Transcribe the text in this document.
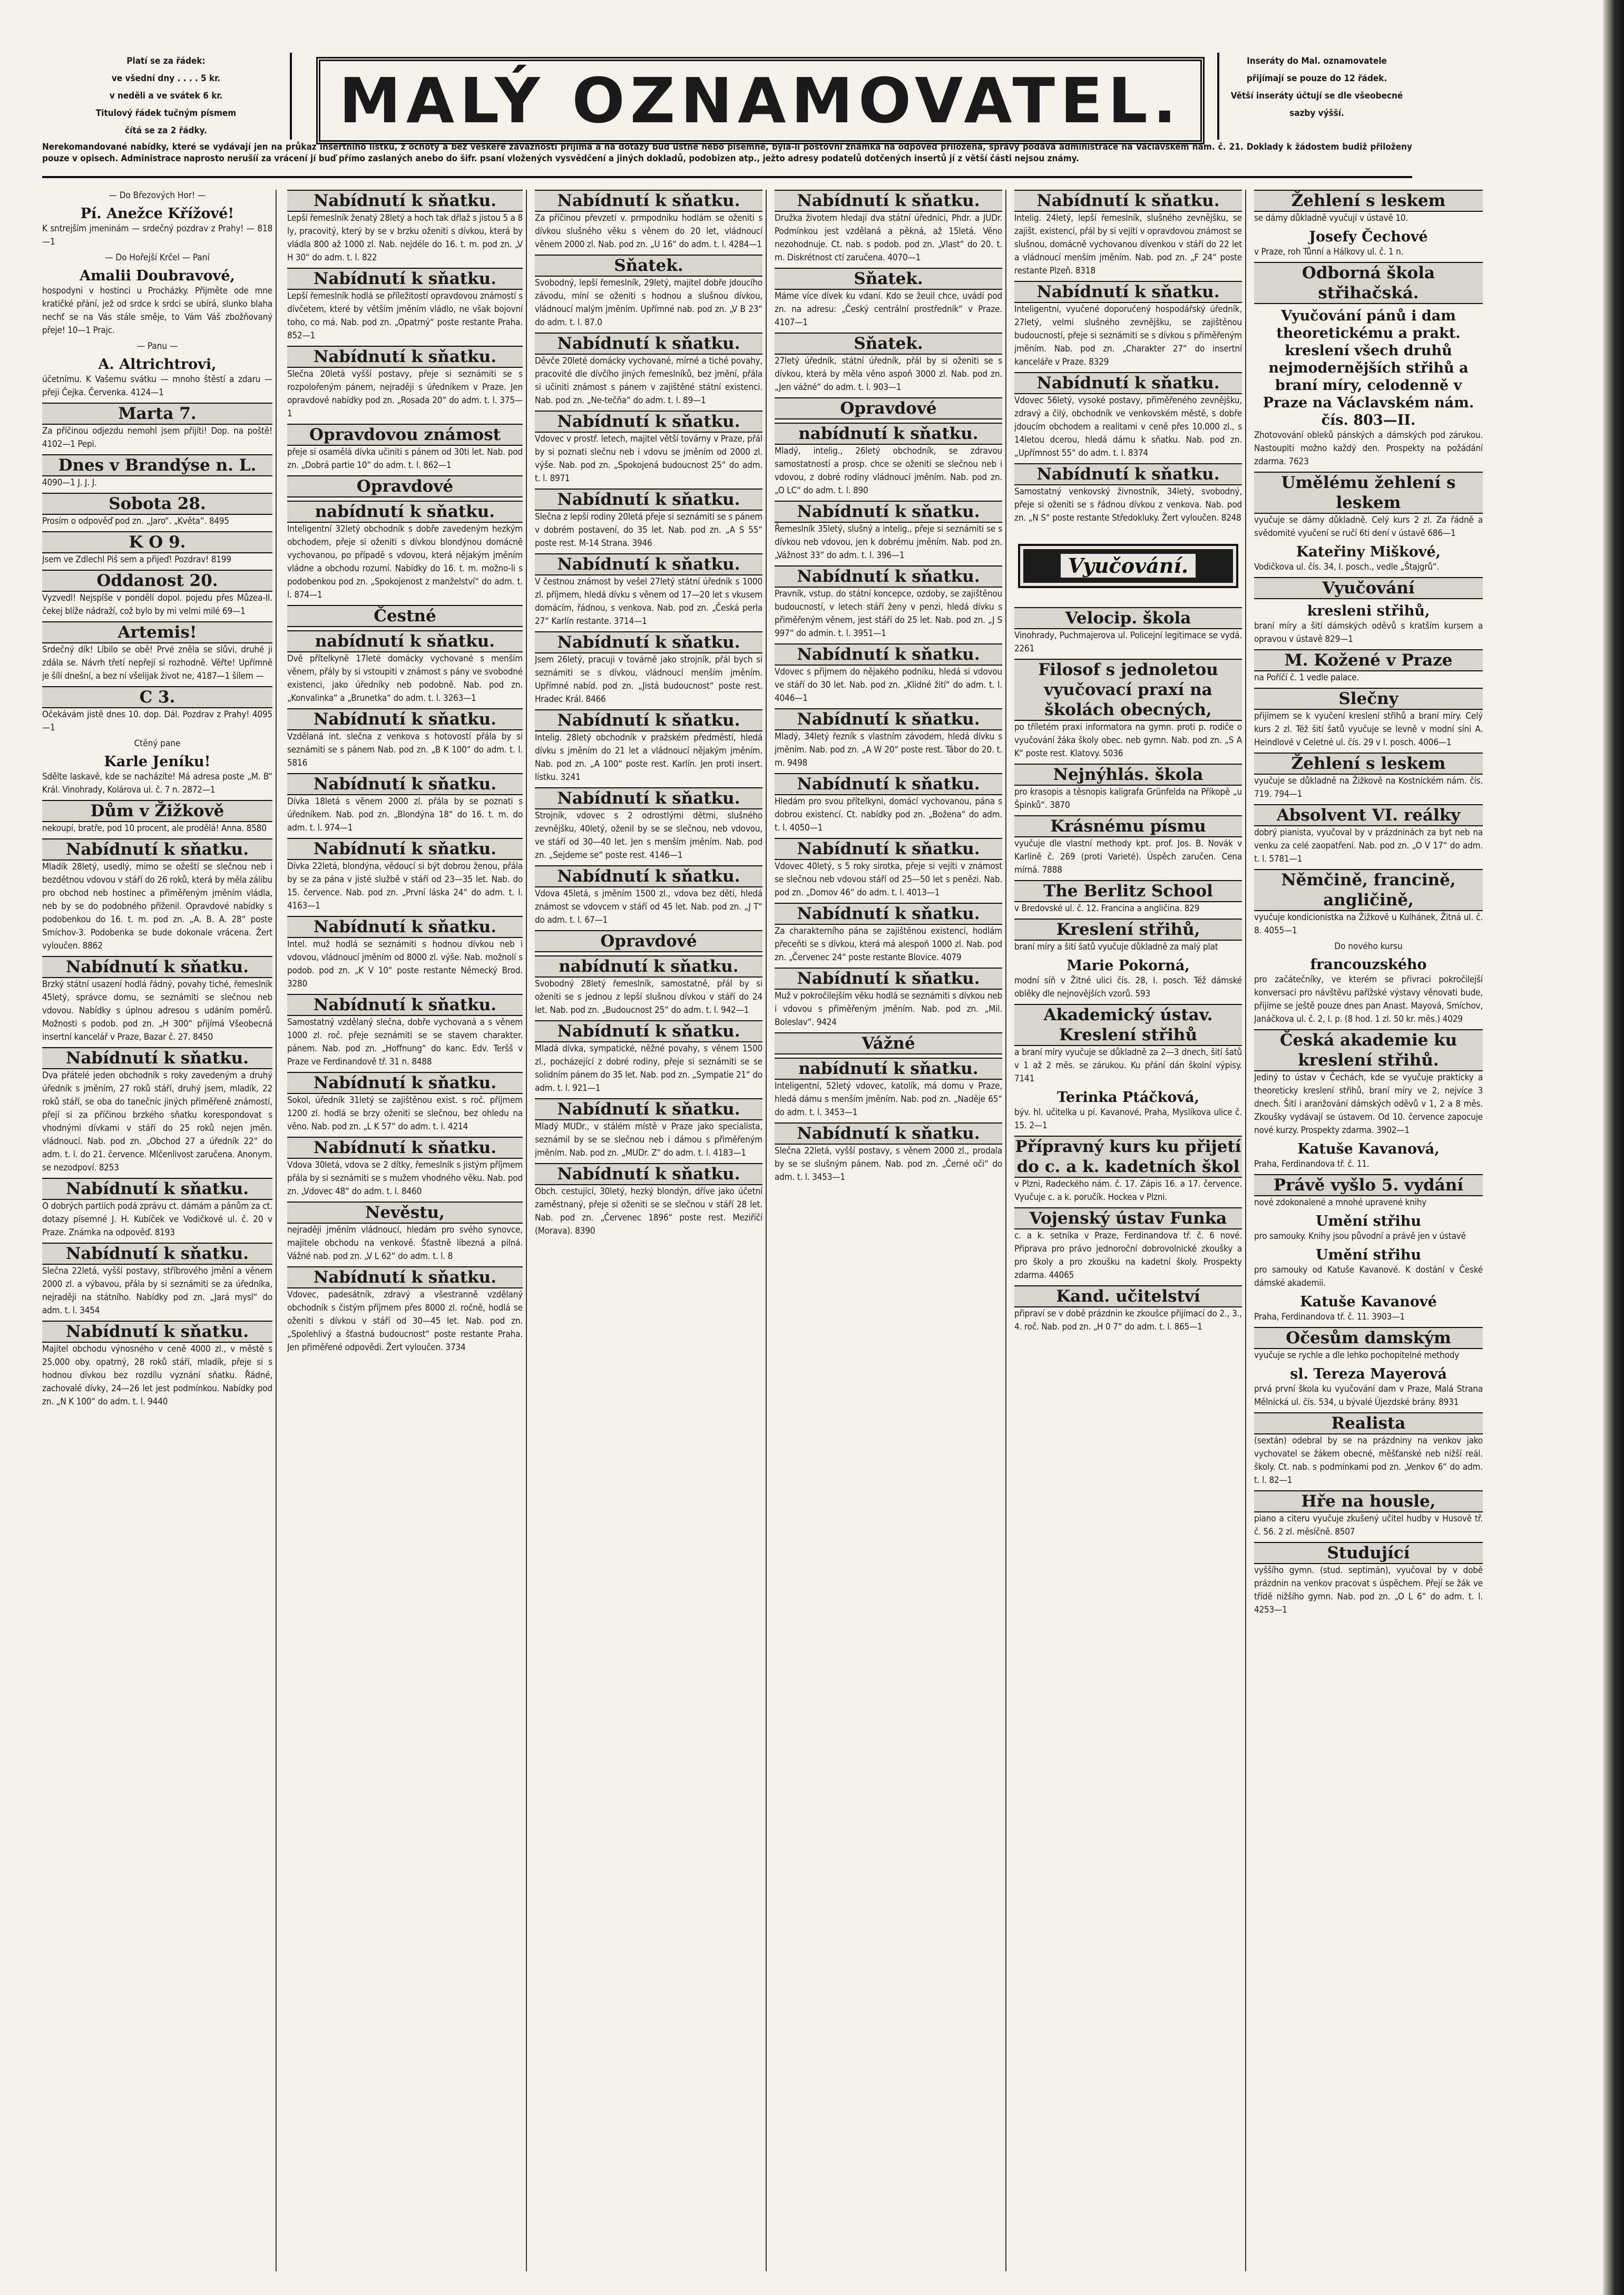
Platí se za řádek:
ve všední dny . . . . 5 kr.
v neděli a ve svátek 6 kr.
Titulový řádek tučným písmem
čítá se za 2 řádky.	MALÝ OZNAMOVATEL.
Inseráty do Mal. oznamovatele
přijímají se pouze do 12 řádek.
Větší inseráty účtují se dle všeobecné sazby výšší.
Nerekomandované nabídky, které se vydávají jen na průkaz insertního lístku, z ochoty a bez veškeré závaznosti přijímá a na dotazy buď ústně nebo písemné, byla-li poštovní známka na odpověď přiložena, správy podává administrace na Václavském nám. č. 21. Doklady k žádostem budiž přiloženy pouze v opisech. Administrace naprosto nerušíí za vrácení jí buď přímo zaslaných anebo do šifr. psaní vložených vysvědčení a jiných dokladů, podobizen atp., ježto adresy podatelů dotčených insertů jí z větší části nejsou známy.
— Do Březových Hor! —
Pí. Anežce Křížové!
K sntrejším jmeninám — srdečný pozdrav z Prahy! — 818—1
— Do Hořejší Krčel — Paní
Amalii Doubravové,
hospodyni v hostinci u Procházky. Přijměte ode mne kratičké přání, jež od srdce k srdci se ubírá, slunko blaha nechť se na Vás stále směje, to Vám Váš zbožňovaný přeje! 10—1 Prajc.
— Panu —
A. Altrichtrovi,
účetnímu. K Vašemu svátku — mnoho štěstí a zdaru — přeji Čejka. Červenka. 4124—1
Marta 7.
Za příčinou odjezdu nemohl jsem přijíti! Dop. na poště! 4102—1 Pepi.
Dnes v Brandýse n. L.
4090—1 J. J. J.
Sobota 28.
Prosím o odpověď pod zn. „Jaro“. „Květa“. 8495
K O 9.
Jsem ve Zdlechl Piš sem a přijeď! Pozdrav! 8199
Oddanost 20.
Vyzvedl! Nejspíše v pondělí dopol. pojedu přes Můzea-II. čekej blíže nádraží, což bylo by mi velmi milé 69—1
Artemis!
Srdečný dík! Líbilo se obě! Prvé zněla se slůvi, druhé ji zdála se. Návrh třetí nepřejí si rozhodně. Věřte! Upřímně je šílí dnešní, a bez ní všelijak život ne, 4187—1 šílem —
C 3.
Očekávám jistě dnes 10. dop. Dál. Pozdrav z Prahy! 4095—1
Ctěný pane
Karle Jeníku!
Sdělte laskavě, kde se nacházíte! Má adresa poste „M. B“ Král. Vinohrady, Kolárova ul. č. 7 n. 2872—1
Dům v Žižkově
nekoupí, bratře, pod 10 procent, ale prodělá! Anna. 8580
Nabídnutí k sňatku.
Mladík 28letý, usedlý, mimo se ožeští se slečnou neb i bezdětnou vdovou v stáří do 26 roků, která by měla zálibu pro obchod neb hostinec a přiměřeným jměním vládla, neb by se do podobného přiženil. Opravdové nabídky s podobenkou do 16. t. m. pod zn. „A. B. A. 28“ poste Smíchov-3. Podobenka se bude dokonale vrácena. Žert vyloučen. 8862
Nabídnutí k sňatku.
Brzký státní usazení hodlá řádný, povahy tiché, řemeslník 45letý, správce domu, se seznámiti se slečnou neb vdovou. Nabídky s úplnou adresou s udáním poměrů. Možnosti s podob. pod zn. „H 300“ přijímá Všeobecná insertní kancelář v Praze, Bazar č. 27. 8450
Nabídnutí k sňatku.
Dva přátelé jeden obchodník s roky zavedeným a druhý úředník s jměním, 27 roků stáří, druhý jsem, mladík, 22 roků stáří, se oba do tanečníc jiných přiměřeně známostí, přejí si za příčinou brzkého sňatku korespondovat s vhodnými dívkami v stáří do 25 roků nejen jměn. vládnoucí. Nab. pod zn. „Obchod 27 a úředník 22“ do adm. t. l. do 21. července. Mlčenlivost zaručena. Anonym. se nezodpoví. 8253
Nabídnutí k sňatku.
O dobrých partiích podá zprávu ct. dámám a pánům za ct. dotazy písemné J. H. Kubíček ve Vodičkové ul. č. 20 v Praze. Známka na odpověď. 8193
Nabídnutí k sňatku.
Slečna 22letá, vyšší postavy, stříbrového jmění a věnem 2000 zl. a výbavou, přála by si seznámiti se za úředníka, nejraději na státního. Nabídky pod zn. „Jará mysl“ do adm. t. l. 3454
Nabídnutí k sňatku.
Majitel obchodu výnosného v ceně 4000 zl., v městě s 25.000 oby. opatrný, 28 roků stáří, mladík, přeje si s hodnou dívkou bez rozdílu vyznání sňatku. Řádné, zachovalé dívky, 24—26 let jest podmínkou. Nabídky pod zn. „N K 100“ do adm. t. l. 9440
Nabídnutí k sňatku.
Lepší řemeslník ženatý 28letý a hoch tak dřlaž s jistou 5 a 8 ly, pracovitý, který by se v brzku oženiti s dívkou, která by vládla 800 až 1000 zl. Nab. nejdéle do 16. t. m. pod zn. „V H 30“ do adm. t. l. 822
Nabídnutí k sňatku.
Lepší řemeslník hodlá se příležitostí opravdovou známostí s dívčetem, které by větším jměním vládlo, ne však bojovní toho, co má. Nab. pod zn. „Opatrný“ poste restante Praha. 852—1
Nabídnutí k sňatku.
Slečna 20letá vyšší postavy, přeje si seznámiti se s rozpolořeným pánem, nejraději s úředníkem v Praze. Jen opravdové nabídky pod zn. „Rosada 20“ do adm. t. l. 375—1
Opravdovou známost
přeje si osamělá dívka učiniti s pánem od 30ti let. Nab. pod zn. „Dobrá partie 10“ do adm. t. l. 862—1
Opravdové
nabídnutí k sňatku.
Inteligentní 32letý obchodník s dobře zavedeným hezkým obchodem, přeje si oženiti s dívkou blondýnou domácně vychovanou, po případě s vdovou, která nějakým jměním vládne a obchodu rozumí. Nabídky do 16. t. m. možno-li s podobenkou pod zn. „Spokojenost z manželství“ do adm. t. l. 874—1
Čestné
nabídnutí k sňatku.
Dvě přítelkyně 17leté domácky vychované s menším věnem, přály by si vstoupiti v známost s pány ve svobodné existenci, jako úředníky neb podobně. Nab. pod zn. „Konvalinka“ a „Brunetka“ do adm. t. l. 3263—1
Nabídnutí k sňatku.
Vzdělaná int. slečna z venkova s hotovostí přála by si seznámiti se s pánem Nab. pod zn. „B K 100“ do adm. t. l. 5816
Nabídnutí k sňatku.
Dívka 18letá s věnem 2000 zl. přála by se poznati s úředníkem. Nab. pod zn. „Blondýna 18“ do 16. t. m. do adm. t. l. 974—1
Nabídnutí k sňatku.
Dívka 22letá, blondýna, vědoucí si být dobrou ženou, přála by se za pána v jisté službě v stáří od 23—35 let. Nab. do 15. července. Nab. pod zn. „První láska 24“ do adm. t. l. 4163—1
Nabídnutí k sňatku.
Intel. muž hodlá se seznámiti s hodnou dívkou neb i vdovou, vládnoucí jměním od 8000 zl. výše. Nab. možnolí s podob. pod zn. „K V 10“ poste restante Německý Brod. 3280
Nabídnutí k sňatku.
Samostatný vzdělaný slečna, dobře vychovaná a s věnem 1000 zl. roč. přeje seznámiti se se stavem charakter. pánem. Nab. pod zn. „Hoffnung“ do kanc. Edv. Teršš v Praze ve Ferdinandově tř. 31 n. 8488
Nabídnutí k sňatku.
Sokol, úředník 31letý se zajištěnou exist. s roč. příjmem 1200 zl. hodlá se brzy oženiti se slečnou, bez ohledu na věno. Nab. pod zn. „L K 57“ do adm. t. l. 4214
Nabídnutí k sňatku.
Vdova 30letá, vdova se 2 dítky, řemeslník s jistým příjmem přála by si seznámiti se s mužem vhodného věku. Nab. pod zn. „Vdovec 48“ do adm. t. l. 8460
Nevěstu,
nejraději jměním vládnoucí, hledám pro svého synovce, majitele obchodu na venkově. Šťastně líbezná a pilná. Vážné nab. pod zn. „V L 62“ do adm. t. l. 8
Nabídnutí k sňatku.
Vdovec, padesátník, zdravý a všestranně vzdělaný obchodník s čistým příjmem přes 8000 zl. ročně, hodlá se oženiti s dívkou v stáří od 30—45 let. Nab. pod zn. „Spolehlivý a šťastná budoucnost“ poste restante Praha. Jen přiměřené odpovědi. Žert vyloučen. 3734
Nabídnutí k sňatku.
Za příčinou převzetí v. prmpodniku hodlám se oženiti s dívkou slušného věku s věnem do 20 let, vládnoucí věnem 2000 zl. Nab. pod zn. „U 16“ do adm. t. l. 4284—1
Sňatek.
Svobodný, lepší řemeslník, 29letý, majitel dobře jdoucího závodu, míní se oženiti s hodnou a slušnou dívkou, vládnoucí malým jměním. Upřímné nab. pod zn. „V B 23“ do adm. t. l. 87.0
Nabídnutí k sňatku.
Děvče 20leté domácky vychované, mírné a tiché povahy, pracovité dle dívčího jiných řemeslníků, bez jmění, přála si učiniti známost s pánem v zajištěné státní existenci. Nab. pod zn. „Ne-tečňa“ do adm. t. l. 89—1
Nabídnutí k sňatku.
Vdovec v prostř. letech, majitel větší továrny v Praze, přál by si poznati slečnu neb i vdovu se jměním od 2000 zl. výše. Nab. pod zn. „Spokojená budoucnost 25“ do adm. t. l. 8971
Nabídnutí k sňatku.
Slečna z lepší rodiny 20letá přeje si seznámiti se s pánem v dobrém postavení, do 35 let. Nab. pod zn. „A S 55“ poste rest. M-14 Strana. 3946
Nabídnutí k sňatku.
V čestnou známost by vešel 27letý státní úředník s 1000 zl. příjmem, hledá dívku s věnem od 17—20 let s vkusem domácím, řádnou, s venkova. Nab. pod zn. „Česká perla 27“ Karlín restante. 3714—1
Nabídnutí k sňatku.
Jsem 26letý, pracuji v továrně jako strojník, přál bych si seznámiti se s dívkou, vládnoucí menším jměním. Upřímné nabíd. pod zn. „Jistá budoucnost“ poste rest. Hradec Král. 8466
Nabídnutí k sňatku.
Intelig. 28letý obchodník v pražském předměstí, hledá dívku s jměním do 21 let a vládnoucí nějakým jměním. Nab. pod zn. „A 100“ poste rest. Karlín. Jen proti insert. lístku. 3241
Nabídnutí k sňatku.
Strojník, vdovec s 2 odrostlými dětmi, slušného zevnějšku, 40letý, oženil by se se slečnou, neb vdovou, ve stáří od 30—40 let. Jen s menším jměním. Nab. pod zn. „Sejdeme se“ poste rest. 4146—1
Nabídnutí k sňatku.
Vdova 45letá, s jměním 1500 zl., vdova bez dětí, hledá známost se vdovcem v stáří od 45 let. Nab. pod zn. „J T“ do adm. t. l. 67—1
Opravdové
nabídnutí k sňatku.
Svobodný 28letý řemeslník, samostatně, přál by si oženiti se s jednou z lepší slušnou dívkou v stáří do 24 let. Nab. pod zn. „Budoucnost 25“ do adm. t. l. 942—1
Nabídnutí k sňatku.
Mladá dívka, sympatické, něžné povahy, s věnem 1500 zl., pocházející z dobré rodiny, přeje si seznámiti se se solidním pánem do 35 let. Nab. pod zn. „Sympatie 21“ do adm. t. l. 921—1
Nabídnutí k sňatku.
Mladý MUDr., v stálém místě v Praze jako specialista, seznámil by se se slečnou neb i dámou s přiměřeným jměním. Nab. pod zn. „MUDr. Z“ do adm. t. l. 4183—1
Nabídnutí k sňatku.
Obch. cestující, 30letý, hezký blondýn, dříve jako účetní zaměstnaný, přeje si oženiti se se slečnou v stáří 28 let. Nab. pod zn. „Červenec 1896“ poste rest. Meziříčí (Morava). 8390
Nabídnutí k sňatku.
Družka životem hledají dva státní úředníci, Phdr. a JUDr. Podmínkou jest vzdělaná a pěkná, až 15letá. Věno nezohodnuje. Ct. nab. s podob. pod zn. „Vlast“ do 20. t. m. Diskrétnost ctí zaručena. 4070—1
Sňatek.
Máme více dívek ku vdaní. Kdo se žeuil chce, uvádí pod zn. na adresu: „Český centrální prostředník“ v Praze. 4107—1
Sňatek.
27letý úředník, státní úředník, přál by si oženiti se s dívkou, která by měla věno aspoň 3000 zl. Nab. pod zn. „Jen vážné“ do adm. t. l. 903—1
Opravdové
nabídnutí k sňatku.
Mladý, intelig., 26letý obchodník, se zdravou samostatností a prosp. chce se oženiti se slečnou neb i vdovou, z dobré rodiny vládnoucí jměním. Nab. pod zn. „O LC“ do adm. t. l. 890
Nabídnutí k sňatku.
Řemeslník 35letý, slušný a intelig., přeje si seznámiti se s dívkou neb vdovou, jen k dobrému jměním. Nab. pod zn. „Vážnost 33“ do adm. t. l. 396—1
Nabídnutí k sňatku.
Pravník, vstup. do státní koncepce, ozdoby, se zajištěnou budoucností, v letech stáří ženy v penzi, hledá dívku s přiměřeným věnem, jest stáří do 25 let. Nab. pod zn. „J S 997“ do admin. t. l. 3951—1
Nabídnutí k sňatku.
Vdovec s přijmem do nějakého podniku, hledá si vdovou ve stáří do 30 let. Nab. pod zn. „Klidné žití“ do adm. t. l. 4046—1
Nabídnutí k sňatku.
Mladý, 34letý řezník s vlastním závodem, hledá dívku s jměním. Nab. pod zn. „A W 20“ poste rest. Tábor do 20. t. m. 9498
Nabídnutí k sňatku.
Hledám pro svou přítelkyni, domácí vychovanou, pána s dobrou existencí. Ct. nabídky pod zn. „Božena“ do adm. t. l. 4050—1
Nabídnutí k sňatku.
Vdovec 40letý, s 5 roky sirotka, přeje si vejíti v známost se slečnou neb vdovou stáří od 25—50 let s penězi. Nab. pod zn. „Domov 46“ do adm. t. l. 4013—1
Nabídnutí k sňatku.
Za charakterního pána se zajištěnou existencí, hodlám přeceňti se s dívkou, která má alespoň 1000 zl. Nab. pod zn. „Červenec 24“ poste restante Blovice. 4079
Nabídnutí k sňatku.
Muž v pokročilejším věku hodlá se seznámiti s dívkou neb i vdovou s přiměřeným jměním. Nab. pod zn. „Mil. Boleslav“. 9424
Vážné
nabídnutí k sňatku.
Inteligentní, 52letý vdovec, katolík, má domu v Praze, hledá dámu s menším jměním. Nab. pod zn. „Naděje 65“ do adm. t. l. 3453—1
Nabídnutí k sňatku.
Slečna 22letá, vyšší postavy, s věnem 2000 zl., prodala by se se slušným pánem. Nab. pod zn. „Černé oči“ do adm. t. l. 3453—1
Nabídnutí k sňatku.
Intelig. 24letý, lepší řemeslník, slušného zevnějšku, se zajišt. existencí, přál by si vejíti v opravdovou známost se slušnou, domácně vychovanou dívenkou v stáří do 22 let a vládnoucí menším jměním. Nab. pod zn. „F 24“ poste restante Plzeň. 8318
Nabídnutí k sňatku.
Inteligentní, vyučené doporučený hospodářský úředník, 27letý, velmi slušného zevnějšku, se zajištěnou budoucností, přeje si seznámiti se s dívkou s přiměřeným jměním. Nab. pod zn. „Charakter 27“ do insertní kanceláře v Praze. 8329
Nabídnutí k sňatku.
Vdovec 56letý, vysoké postavy, přiměřeného zevnějšku, zdravý a čilý, obchodník ve venkovském městě, s dobře jdoucím obchodem a realitami v ceně přes 10.000 zl., s 14letou dcerou, hledá dámu k sňatku. Nab. pod zn. „Upřímnost 55“ do adm. t. l. 8374
Nabídnutí k sňatku.
Samostatný venkovský živnostník, 34letý, svobodný, přeje si oženiti se s řádnou dívkou z venkova. Nab. pod zn. „N S“ poste restante Středokluky. Žert vyloučen. 8248
Vyučování.
Velocip. škola
Vinohrady, Puchmajerova ul. Policejní legitimace se vydá. 2261
Filosof s jednoletou vyučovací praxí na školách obecných,
po tříletém praxi informatora na gymn. proti p. rodiče o vyučování žáka školy obec. neb gymn. Nab. pod zn. „S A K“ poste rest. Klatovy. 5036
Nejnýhlás. škola
pro krasopis a těsnopis kaligrafa Grünfelda na Příkopě „u Špinků“. 3870
Krásnému písmu
vyučuje dle vlastní methody kpt. prof. Jos. B. Novák v Karlině č. 269 (proti Varieté). Úspěch zaručen. Cena mírná. 7888
The Berlitz School
v Bredovské ul. č. 12. Francina a angličina. 829
Kreslení střihů,
braní míry a šití šatů vyučuje důkladně za malý plat
Marie Pokorná,
modní síň v Žitné ulici čís. 28, I. posch. Též dámské oblěky dle nejnovějších vzorů. 593
Akademický ústav. Kreslení střihů
a braní míry vyučuje se důkladně za 2—3 dnech, šití šatů v 1 až 2 měs. se zárukou. Ku přání dán školní výpisy. 7141
Terinka Ptáčková,
býv. hl. učitelka u pí. Kavanové, Praha, Myslíkova ulice č. 15. 2—1
Přípravný kurs ku přijetí do c. a k. kadetních škol
v Plzni, Radeckého nám. č. 17. Zápis 16. a 17. července. Vyučuje c. a k. poručík. Hockea v Plzni.
Vojenský ústav Funka
c. a k. setníka v Praze, Ferdinandova tř. č. 6 nové. Připrava pro právo jednoroční dobrovolnické zkoušky a pro školy a pro zkoušku na kadetní školy. Prospekty zdarma. 44065
Kand. učitelství
připraví se v době prázdnin ke zkoušce přijímací do 2., 3., 4. roč. Nab. pod zn. „H 0 7“ do adm. t. l. 865—1
Žehlení s leskem
se dámy důkladně vyučují v ústavě 10.
Josefy Čechové
v Praze, roh Tůnní a Hálkovy ul. č. 1 n.
Odborná škola střihačská.
Vyučování pánů i dam theoretickému a prakt. kreslení všech druhů nejmodernějších střihů a braní míry, celodenně v Praze na Václavském nám. čís. 803—II.
Zhotovování obleků pánských a dámských pod zárukou. Nastoupiti možno každý den. Prospekty na požádání zdarma. 7623
Umělému žehlení s leskem
vyučuje se dámy důkladně. Celý kurs 2 zl. Za řádně a svědomité vyučení se ručí 6ti dení v ústavě 686—1
Kateřiny Miškové,
Vodičkova ul. čís. 34, I. posch., vedle „Štajgrů“.
Vyučování
kresleni střihů,
braní míry a šití dámských oděvů s kratším kursem a opravou v ústavě 829—1
M. Kožené v Praze
na Poříčí č. 1 vedle palace.
Slečny
přijímem se k vyučení kreslení střihů a braní míry. Celý kurs 2 zl. Též šití šatů vyučuje se levně v modní síni A. Heindlové v Celetné ul. čís. 29 v I. posch. 4006—1
Žehlení s leskem
vyučuje se důkladně na Žižkově na Kostnickém nám. čís. 719. 794—1
Absolvent VI. reálky
dobrý pianista, vyučoval by v prázdninách za byt neb na venku za celé zaopatření. Nab. pod zn. „O V 17“ do adm. t. l. 5781—1
Němčině, francině, angličině,
vyučuje kondicionistka na Žižkově u Kulhánek, Žitná ul. č. 8. 4055—1
Do nového kursu
francouzského
pro začátečníky, ve kterém se přivraci pokročilejší konversaci pro návštěvu pařížské výstavy věnovati bude, přijíme se ještě pouze dnes pan Anast. Mayová, Smíchov, Janáčkova ul. č. 2, I. p. (8 hod. 1 zl. 50 kr. měs.) 4029
Česká akademie ku kreslení střihů.
Jediný to ústav v Čechách, kde se vyučuje prakticky a theoreticky kreslení střihů, braní míry ve 2, nejvíce 3 dnech. Šití i aranžování dámských oděvů v 1, 2 a 8 měs. Zkoušky vydávají se ústavem. Od 10. července zapocuje nové kurzy. Prospekty zdarma. 3902—1
Katuše Kavanová,
Praha, Ferdinandova tř. č. 11.
Právě vyšlo 5. vydání
nové zdokonalené a mnohé upravené knihy
Umění střihu
pro samouky. Knihy jsou původní a právě jen v ústavě
Umění střihu
pro samouky od Katuše Kavanové. K dostání v České dámské akademii.
Katuše Kavanové
Praha, Ferdinandova tř. č. 11. 3903—1
Očesům damským
vyučuje se rychle a dle lehko pochopitelné methody
sl. Tereza Mayerová
prvá první škola ku vyučování dam v Praze, Malá Strana Mělnická ul. čís. 534, u bývalé Újezdské brány. 8931
Realista
(sextán) odebral by se na prázdniny na venkov jako vychovatel se žákem obecné, měšťanské neb nižší reál. školy. Ct. nab. s podmínkami pod zn. „Venkov 6“ do adm. t. l. 82—1
Hře na housle,
piano a citeru vyučuje zkušený učitel hudby v Husově tř. č. 56. 2 zl. měsíčně. 8507
Studující
vyššího gymn. (stud. septimán), vyučoval by v době prázdnin na venkov pracovat s úspěchem. Přejí se žák ve třídě nižšího gymn. Nab. pod zn. „O L 6“ do adm. t. l. 4253—1
